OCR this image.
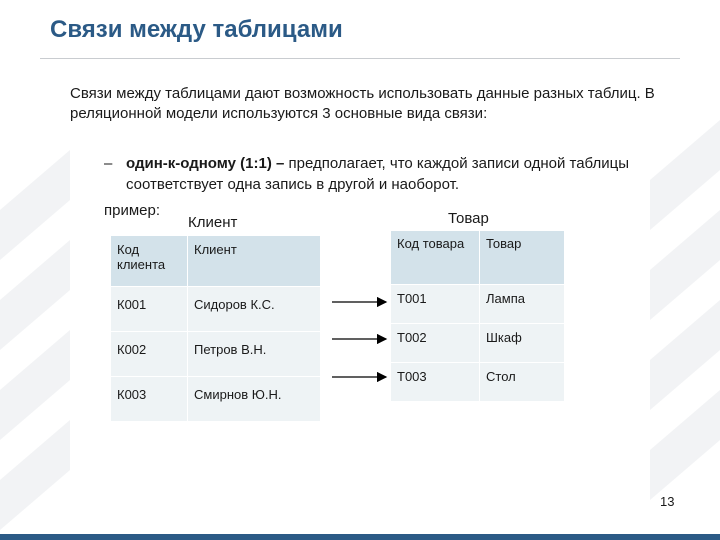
Связи между таблицами
Связи между таблицами дают возможность использовать данные разных таблиц. В реляционной модели используются 3 основные вида связи:
– один-к-одному (1:1) – предполагает, что каждой записи одной таблицы соответствует одна запись в другой и наоборот.
пример:
Клиент	Товар
Код клиента	Клиент
К001	Сидоров К.С.
К002	Петров В.Н.
К003	Смирнов Ю.Н.
Код товара	Товар
Т001	Лампа
Т002	Шкаф
Т003	Стол
13
